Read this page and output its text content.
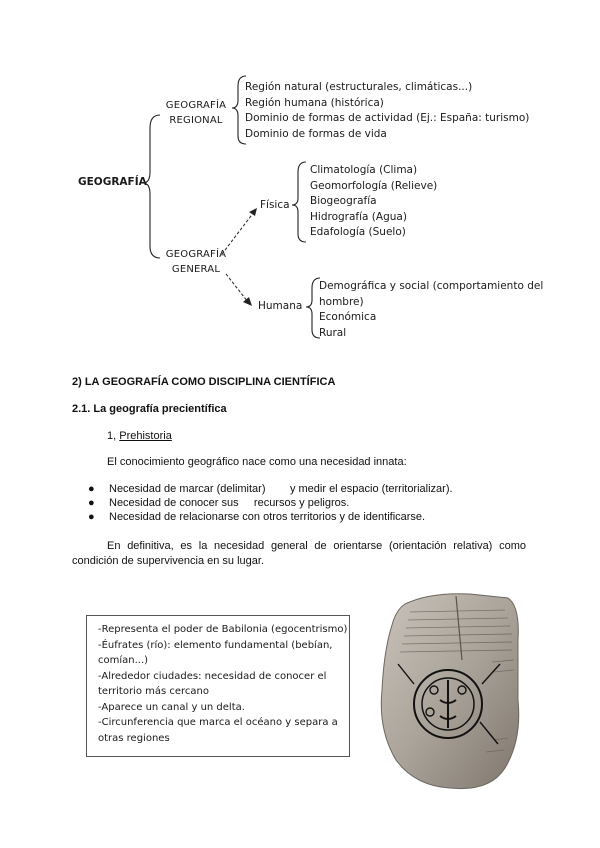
GEOGRAFÍA
GEOGRAFÍA
REGIONAL
Región natural (estructurales, climáticas...)
Región humana (histórica)
Dominio de formas de actividad (Ej.: España: turismo)
Dominio de formas de vida
GEOGRAFÍA
GENERAL
Física
Climatología (Clima)
Geomorfología (Relieve)
Biogeografía
Hidrografía (Agua)
Edafología (Suelo)
Humana
Demográfica y social (comportamiento del
hombre)
Económica
Rural
2) LA GEOGRAFÍA COMO DISCIPLINA CIENTÍFICA
2.1. La geografía precientífica
1, Prehistoria
El conocimiento geográfico nace como una necesidad innata:
● Necesidad de marcar (delimitar)        y medir el espacio (territorializar).
● Necesidad de conocer sus     recursos y peligros.
● Necesidad de relacionarse con otros territorios y de identificarse.
En definitiva, es la necesidad general de orientarse (orientación relativa) como condición de supervivencia en su lugar.
-Representa el poder de Babilonia (egocentrismo)
-Éufrates (río): elemento fundamental (bebían,
comían...)
-Alrededor ciudades: necesidad de conocer el
territorio más cercano
-Aparece un canal y un delta.
-Circunferencia que marca el océano y separa a
otras regiones
